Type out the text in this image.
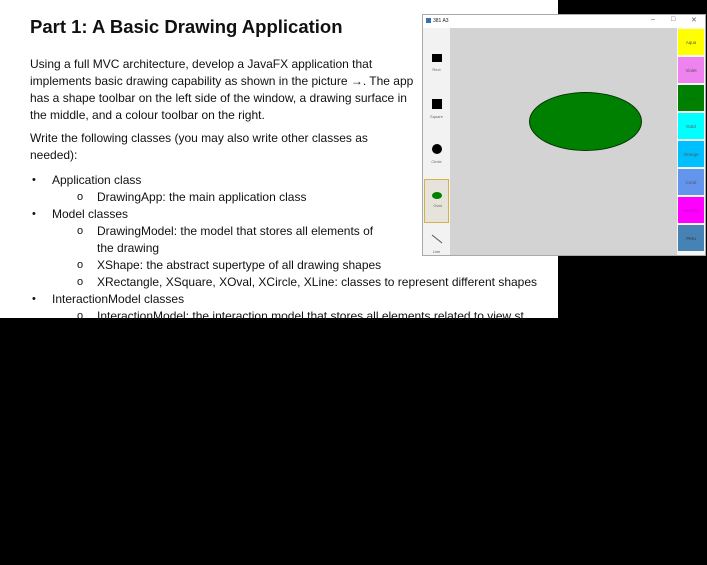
Part 1: A Basic Drawing Application

Using a full MVC architecture, develop a JavaFX application that implements basic drawing capability as shown in the picture →. The app has a shape toolbar on the left side of the window, a drawing surface in the middle, and a colour toolbar on the right.

Write the following classes (you may also write other classes as needed):

• Application class
o DrawingApp: the main application class
• Model classes
o DrawingModel: the model that stores all elements of
the drawing
o XShape: the abstract supertype of all drawing shapes
o XRectangle, XSquare, XOval, XCircle, XLine: classes to represent different shapes
• InteractionModel classes
o InteractionModel: the interaction model that stores all elements related to view st
381 A3	– □ ✕
Rect
Square
Circle
Oval
Line
Aqua
Violet
Green
Gold
Orange
Coral
Fuchsia
Peru
